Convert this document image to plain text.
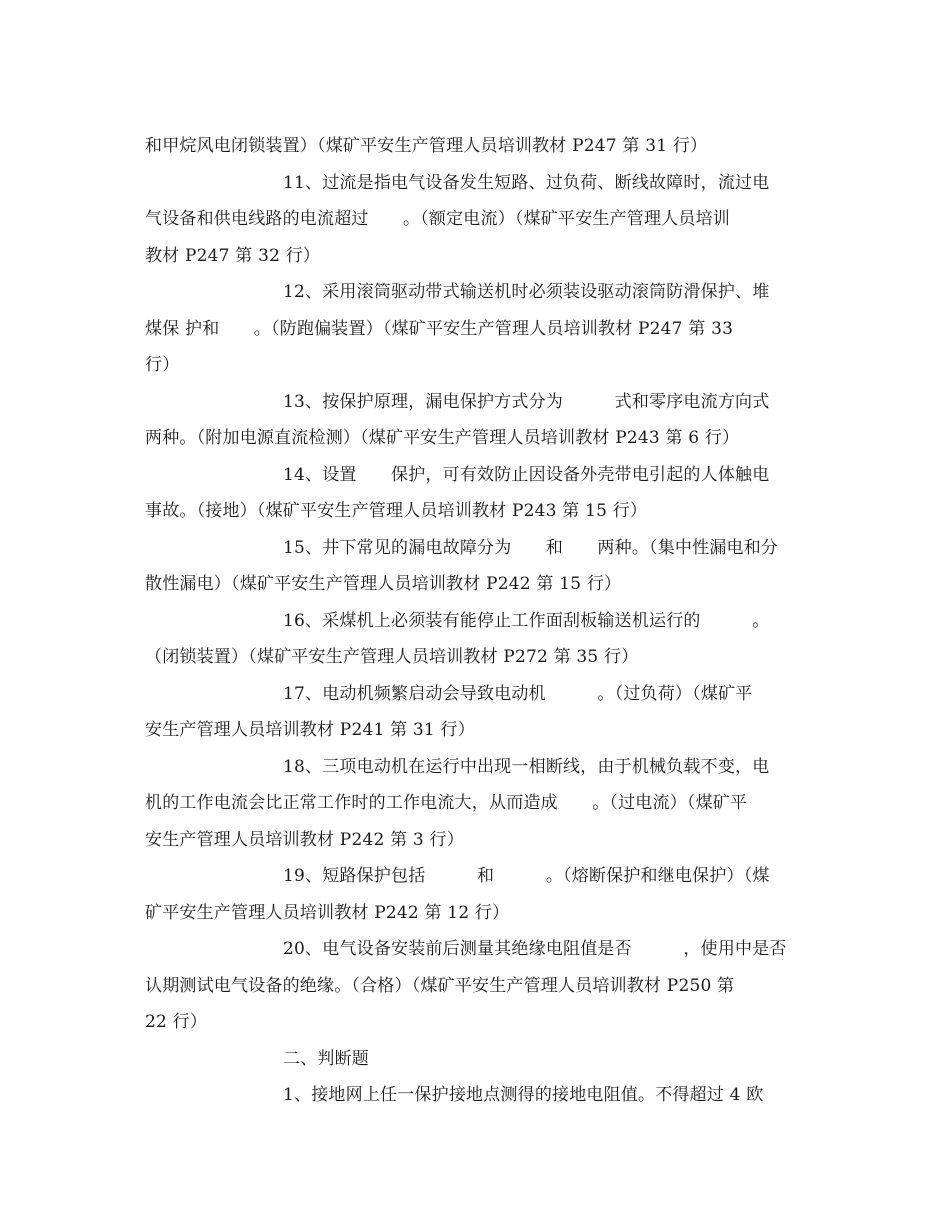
和甲烷风电闭锁装置）（煤矿平安生产管理人员培训教材 P247 第 31 行）
11、过流是指电气设备发生短路、过负荷、断线故障时，流过电
气设备和供电线路的电流超过　　。（额定电流）（煤矿平安生产管理人员培训
教材 P247 第 32 行）
12、采用滚筒驱动带式输送机时必须装设驱动滚筒防滑保护、堆
煤保 护和　　。（防跑偏装置）（煤矿平安生产管理人员培训教材 P247 第 33
行）
13、按保护原理，漏电保护方式分为　　　式和零序电流方向式
两种。（附加电源直流检测）（煤矿平安生产管理人员培训教材 P243 第 6 行）
14、设置　　保护，可有效防止因设备外壳带电引起的人体触电
事故。（接地）（煤矿平安生产管理人员培训教材 P243 第 15 行）
15、井下常见的漏电故障分为　　和　　两种。（集中性漏电和分
散性漏电）（煤矿平安生产管理人员培训教材 P242 第 15 行）
16、采煤机上必须装有能停止工作面刮板输送机运行的　　　。
（闭锁装置）（煤矿平安生产管理人员培训教材 P272 第 35 行）
17、电动机频繁启动会导致电动机　　　。（过负荷）（煤矿平
安生产管理人员培训教材 P241 第 31 行）
18、三项电动机在运行中出现一相断线，由于机械负载不变，电
机的工作电流会比正常工作时的工作电流大，从而造成　　。（过电流）（煤矿平
安生产管理人员培训教材 P242 第 3 行）
19、短路保护包括　　　和　　　。（熔断保护和继电保护）（煤
矿平安生产管理人员培训教材 P242 第 12 行）
20、电气设备安装前后测量其绝缘电阻值是否　　　，使用中是否
认期测试电气设备的绝缘。（合格）（煤矿平安生产管理人员培训教材 P250 第
22 行）
二、判断题
1、接地网上任一保护接地点测得的接地电阻值。不得超过 4 欧
